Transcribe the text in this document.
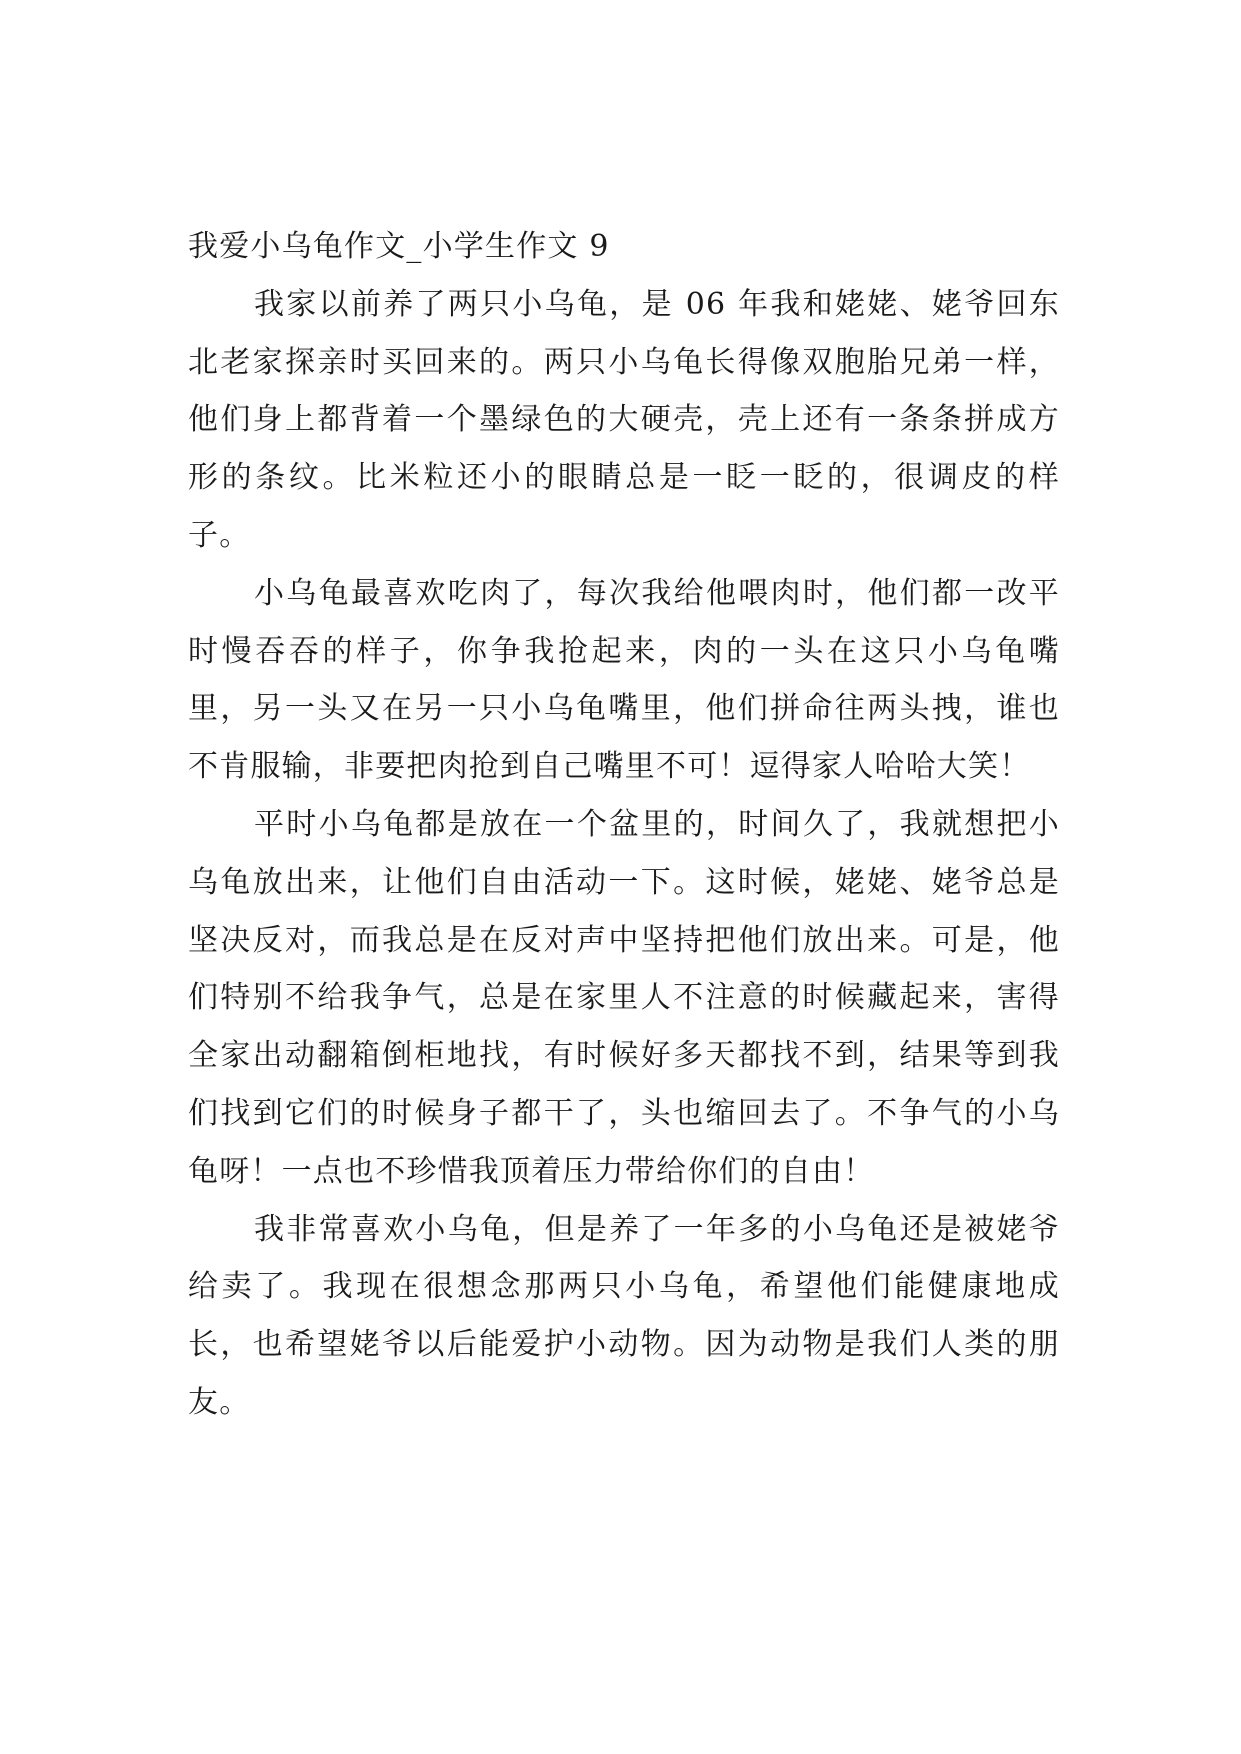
我爱小乌龟作文_小学生作文 9

我家以前养了两只小乌龟，是 06 年我和姥姥、姥爷回东北老家探亲时买回来的。两只小乌龟长得像双胞胎兄弟一样，他们身上都背着一个墨绿色的大硬壳，壳上还有一条条拼成方形的条纹。比米粒还小的眼睛总是一眨一眨的，很调皮的样子。

小乌龟最喜欢吃肉了，每次我给他喂肉时，他们都一改平时慢吞吞的样子，你争我抢起来，肉的一头在这只小乌龟嘴里，另一头又在另一只小乌龟嘴里，他们拼命往两头拽，谁也不肯服输，非要把肉抢到自己嘴里不可！逗得家人哈哈大笑！

平时小乌龟都是放在一个盆里的，时间久了，我就想把小乌龟放出来，让他们自由活动一下。这时候，姥姥、姥爷总是坚决反对，而我总是在反对声中坚持把他们放出来。可是，他们特别不给我争气，总是在家里人不注意的时候藏起来，害得全家出动翻箱倒柜地找，有时候好多天都找不到，结果等到我们找到它们的时候身子都干了，头也缩回去了。不争气的小乌龟呀！一点也不珍惜我顶着压力带给你们的自由！

我非常喜欢小乌龟，但是养了一年多的小乌龟还是被姥爷给卖了。我现在很想念那两只小乌龟，希望他们能健康地成长，也希望姥爷以后能爱护小动物。因为动物是我们人类的朋友。
